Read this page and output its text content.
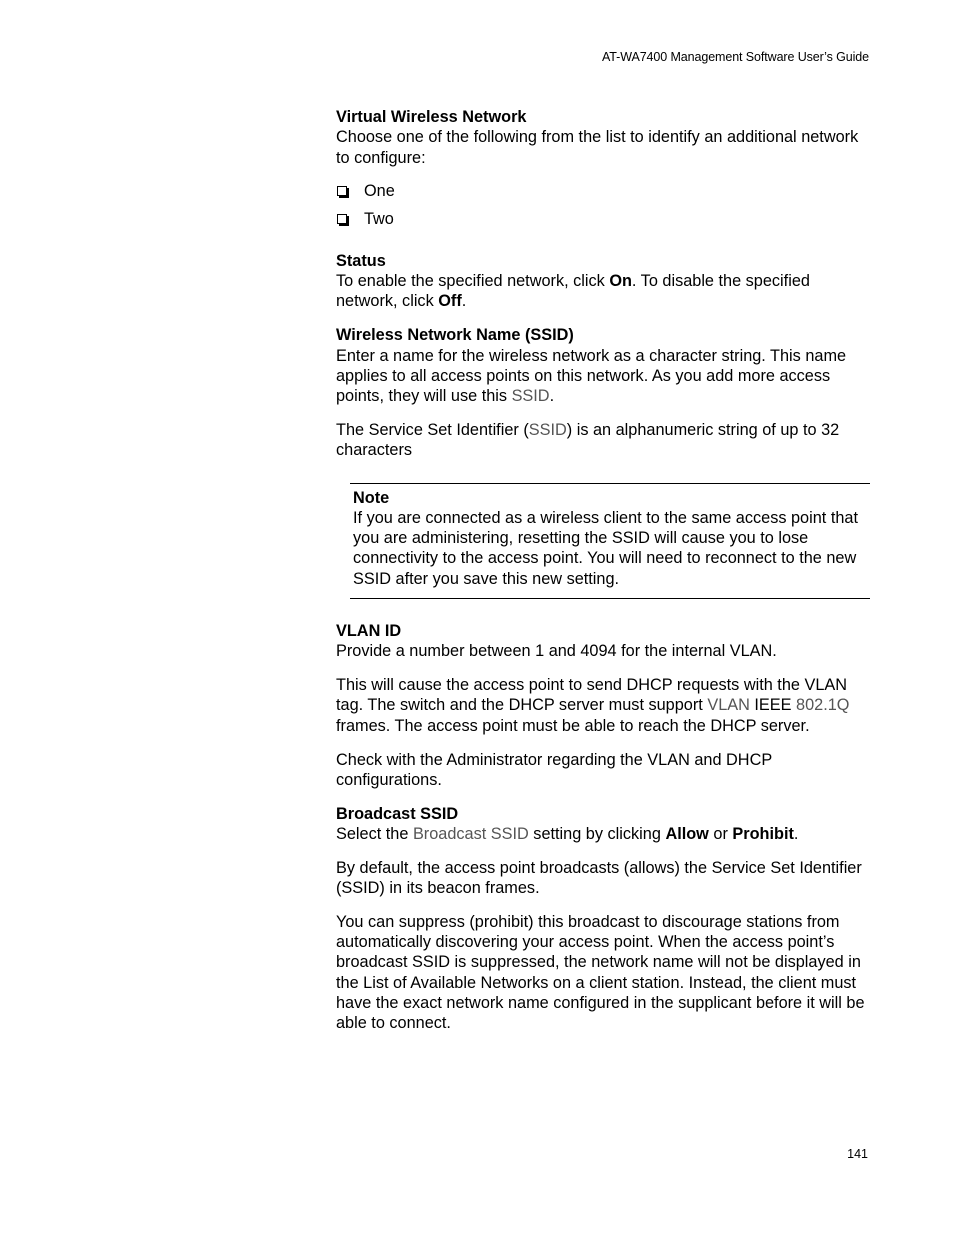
AT-WA7400 Management Software User’s Guide
Virtual Wireless Network

Choose one of the following from the list to identify an additional network to configure:

One
Two
Status

To enable the specified network, click On. To disable the specified network, click Off.

Wireless Network Name (SSID)

Enter a name for the wireless network as a character string. This name applies to all access points on this network. As you add more access points, they will use this SSID.

The Service Set Identifier (SSID) is an alphanumeric string of up to 32 characters

Note
If you are connected as a wireless client to the same access point that you are administering, resetting the SSID will cause you to lose connectivity to the access point. You will need to reconnect to the new SSID after you save this new setting.
VLAN ID

Provide a number between 1 and 4094 for the internal VLAN.

This will cause the access point to send DHCP requests with the VLAN tag. The switch and the DHCP server must support VLAN IEEE 802.1Q frames. The access point must be able to reach the DHCP server.

Check with the Administrator regarding the VLAN and DHCP configurations.

Broadcast SSID

Select the Broadcast SSID setting by clicking Allow or Prohibit.

By default, the access point broadcasts (allows) the Service Set Identifier (SSID) in its beacon frames.

You can suppress (prohibit) this broadcast to discourage stations from automatically discovering your access point. When the access point’s broadcast SSID is suppressed, the network name will not be displayed in the List of Available Networks on a client station. Instead, the client must have the exact network name configured in the supplicant before it will be able to connect.

141
